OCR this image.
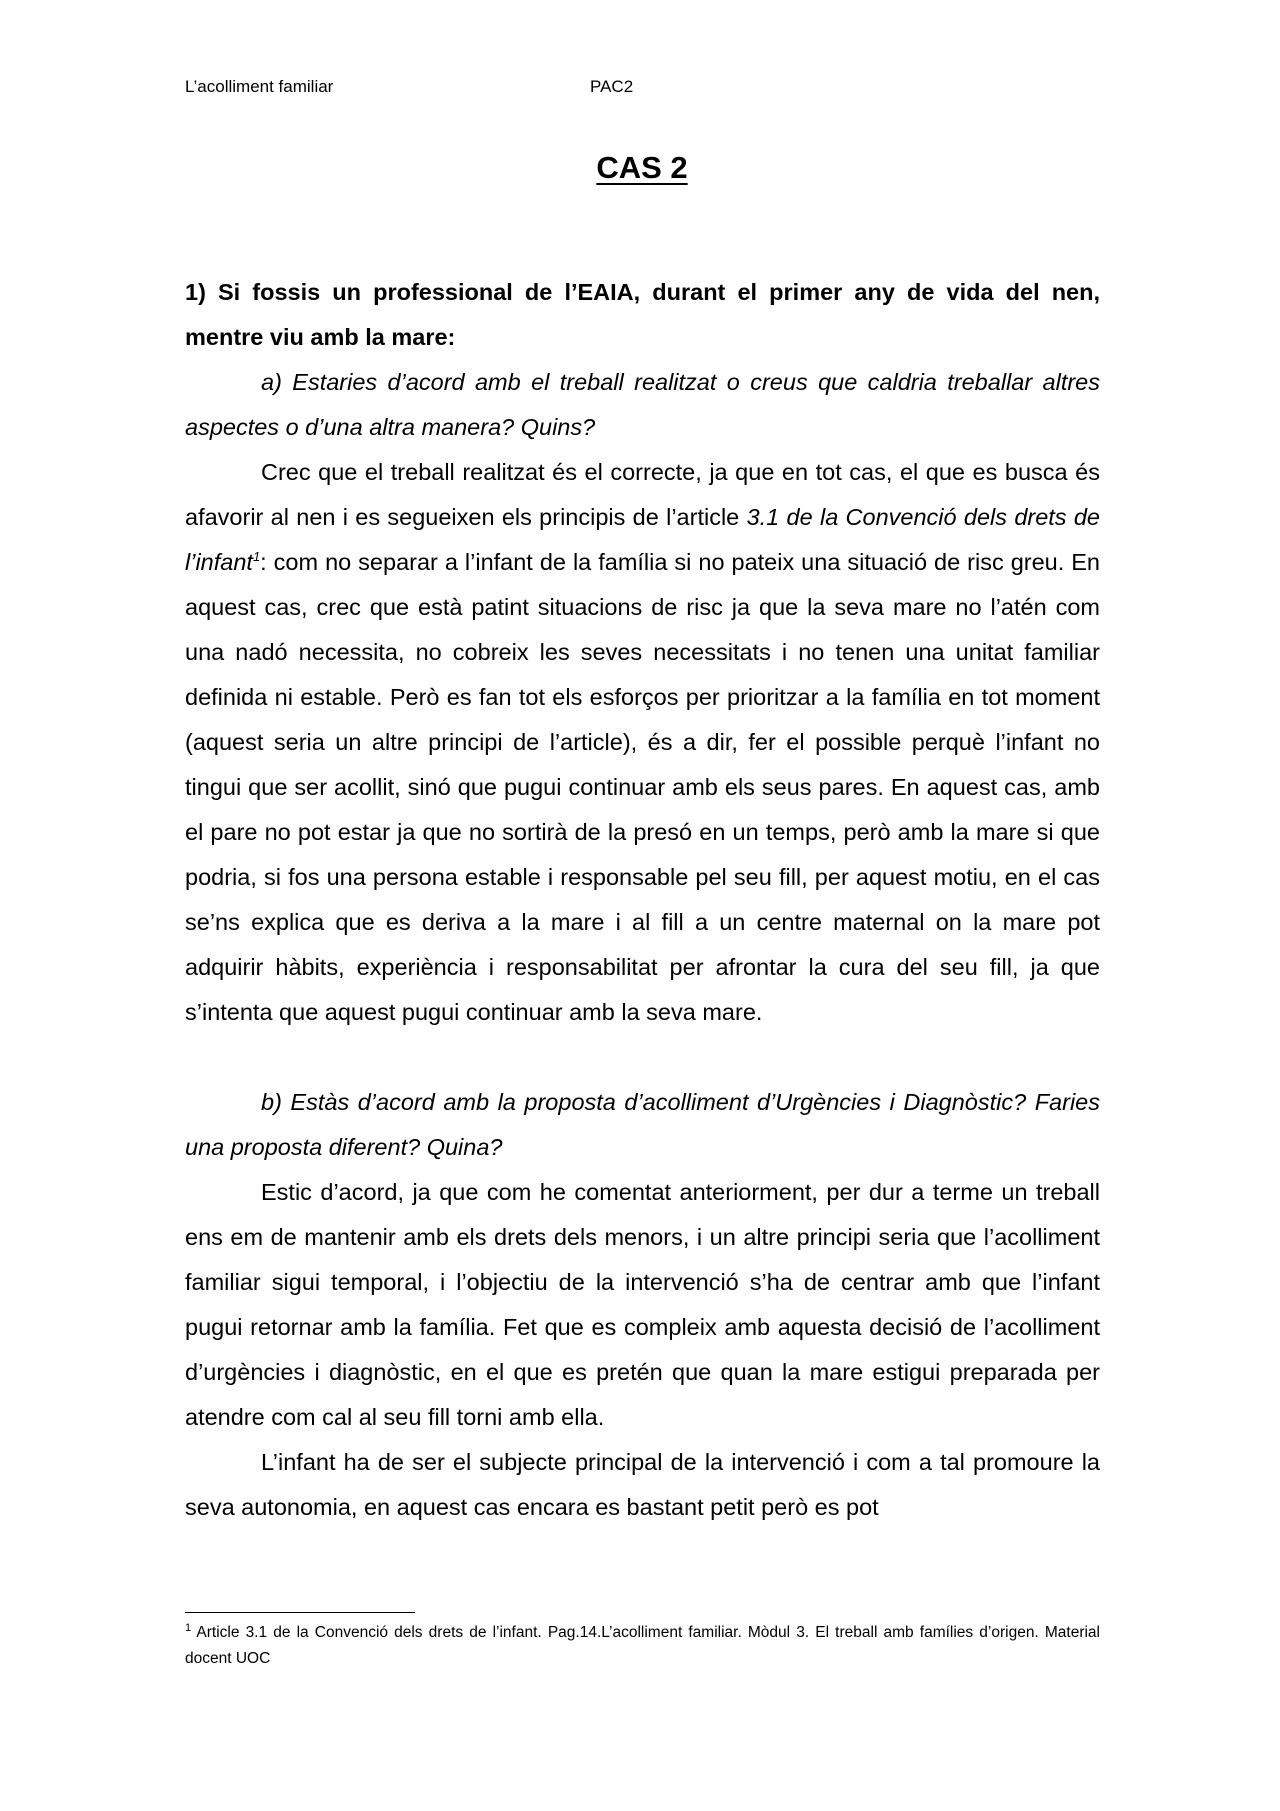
L’acolliment familiar	PAC2
CAS 2

1) Si fossis un professional de l’EAIA, durant el primer any de vida del nen, mentre viu amb la mare:

a) Estaries d’acord amb el treball realitzat o creus que caldria treballar altres aspectes o d’una altra manera? Quins?

Crec que el treball realitzat és el correcte, ja que en tot cas, el que es busca és afavorir al nen i es segueixen els principis de l’article 3.1 de la Convenció dels drets de l’infant$^1$: com no separar a l’infant de la família si no pateix una situació de risc greu. En aquest cas, crec que està patint situacions de risc ja que la seva mare no l’atén com una nadó necessita, no cobreix les seves necessitats i no tenen una unitat familiar definida ni estable. Però es fan tot els esforços per prioritzar a la família en tot moment (aquest seria un altre principi de l’article), és a dir, fer el possible perquè l’infant no tingui que ser acollit, sinó que pugui continuar amb els seus pares. En aquest cas, amb el pare no pot estar ja que no sortirà de la presó en un temps, però amb la mare si que podria, si fos una persona estable i responsable pel seu fill, per aquest motiu, en el cas se’ns explica que es deriva a la mare i al fill a un centre maternal on la mare pot adquirir hàbits, experiència i responsabilitat per afrontar la cura del seu fill, ja que s’intenta que aquest pugui continuar amb la seva mare.

b) Estàs d’acord amb la proposta d’acolliment d’Urgències i Diagnòstic? Faries una proposta diferent? Quina?

Estic d’acord, ja que com he comentat anteriorment, per dur a terme un treball ens em de mantenir amb els drets dels menors, i un altre principi seria que l’acolliment familiar sigui temporal, i l’objectiu de la intervenció s’ha de centrar amb que l’infant pugui retornar amb la família. Fet que es compleix amb aquesta decisió de l’acolliment d’urgències i diagnòstic, en el que es pretén que quan la mare estigui preparada per atendre com cal al seu fill torni amb ella.

L’infant ha de ser el subjecte principal de la intervenció i com a tal promoure la seva autonomia, en aquest cas encara es bastant petit però es pot

$^1$ Article 3.1 de la Convenció dels drets de l’infant. Pag.14.L’acolliment familiar. Mòdul 3. El treball amb famílies d’origen. Material docent UOC
